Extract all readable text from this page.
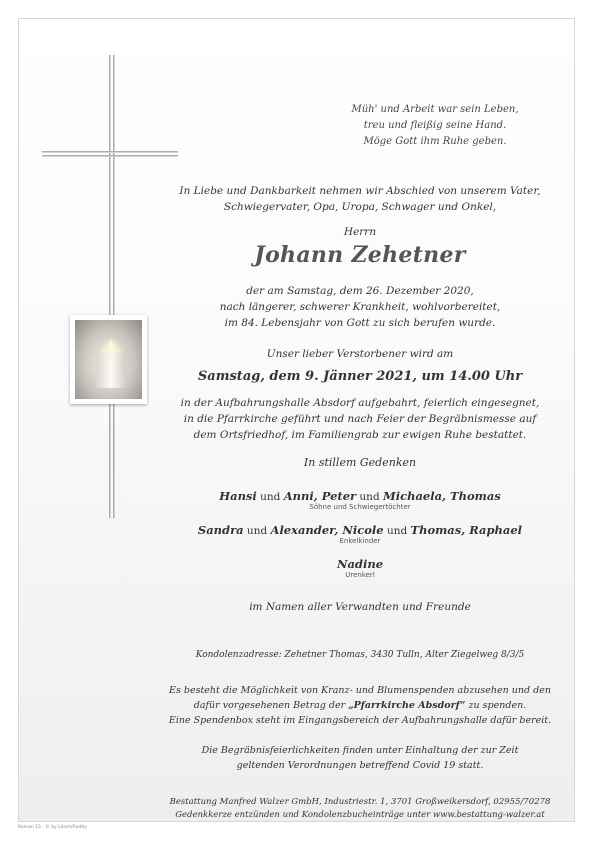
Müh' und Arbeit war sein Leben,
treu und fleißig seine Hand.
Möge Gott ihm Ruhe geben.
In Liebe und Dankbarkeit nehmen wir Abschied von unserem Vater,
Schwiegervater, Opa, Uropa, Schwager und Onkel,
Herrn
Johann Zehetner
der am Samstag, dem 26. Dezember 2020,
nach längerer, schwerer Krankheit, wohlvorbereitet,
im 84. Lebensjahr von Gott zu sich berufen wurde.
Unser lieber Verstorbener wird am
Samstag, dem 9. Jänner 2021, um 14.00 Uhr
in der Aufbahrungshalle Absdorf aufgebahrt, feierlich eingesegnet,
in die Pfarrkirche geführt und nach Feier der Begräbnismesse auf
dem Ortsfriedhof, im Familiengrab zur ewigen Ruhe bestattet.
In stillem Gedenken
Hansi und Anni, Peter und Michaela, Thomas
Söhne und Schwiegertöchter
Sandra und Alexander, Nicole und Thomas, Raphael
Enkelkinder
Nadine
Urenkerl
im Namen aller Verwandten und Freunde
Kondolenzadresse: Zehetner Thomas, 3430 Tulln, Alter Ziegelweg 8/3/5
Es besteht die Möglichkeit von Kranz- und Blumenspenden abzusehen und den
dafür vorgesehenen Betrag der „Pfarrkirche Absdorf“ zu spenden.
Eine Spendenbox steht im Eingangsbereich der Aufbahrungshalle dafür bereit.
Die Begräbnisfeierlichkeiten finden unter Einhaltung der zur Zeit
geltenden Verordnungen betreffend Covid 19 statt.
Bestattung Manfred Walzer GmbH, Industriestr. 1, 3701 Großweikersdorf, 02955/70278
Gedenkkerze entzünden und Kondolenzbucheinträge unter www.bestattung-walzer.at
Roman 15 - © by Lösch/Audéy
